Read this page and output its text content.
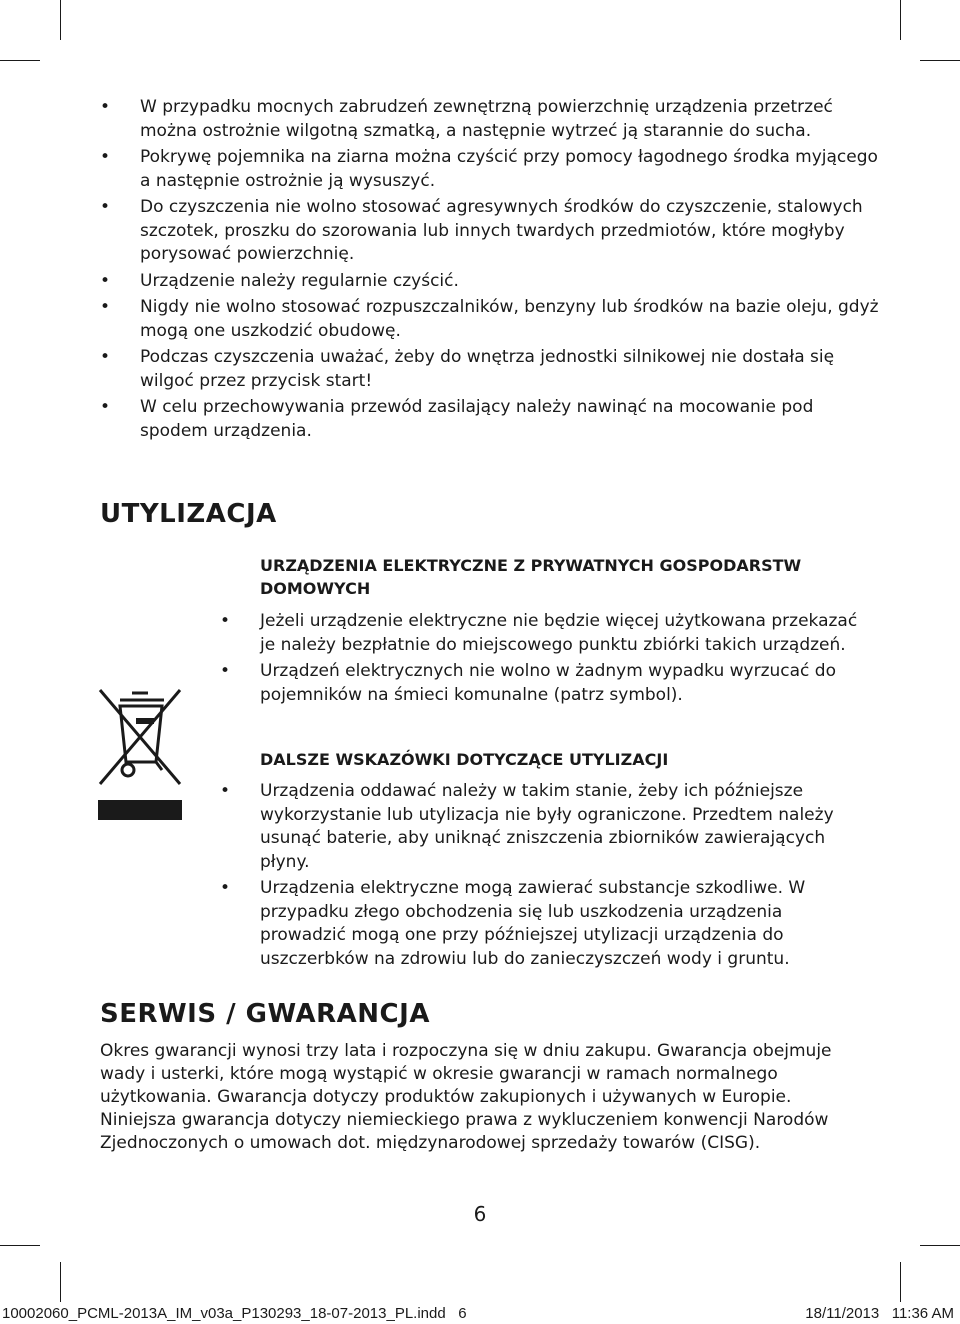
• W przypadku mocnych zabrudzeń zewnętrzną powierzchnię urządzenia przetrzeć można ostrożnie wilgotną szmatką, a następnie wytrzeć ją starannie do sucha.
• Pokrywę pojemnika na ziarna można czyścić przy pomocy łagodnego środka myjącego a następnie ostrożnie ją wysuszyć.
• Do czyszczenia nie wolno stosować agresywnych środków do czyszczenie, stalowych szczotek, proszku do szorowania lub innych twardych przedmiotów, które mogłyby porysować powierzchnię.
• Urządzenie należy regularnie czyścić.
• Nigdy nie wolno stosować rozpuszczalników, benzyny lub środków na bazie oleju, gdyż mogą one uszkodzić obudowę.
• Podczas czyszczenia uważać, żeby do wnętrza jednostki silnikowej nie dostała się wilgoć przez przycisk start!
• W celu przechowywania przewód zasilający należy nawinąć na mocowanie pod spodem urządzenia.
UTYLIZACJA
URZĄDZENIA ELEKTRYCZNE Z PRYWATNYCH GOSPODARSTW DOMOWYCH
• Jeżeli urządzenie elektryczne nie będzie więcej użytkowana przekazać je należy bezpłatnie do miejscowego punktu zbiórki takich urządzeń.
• Urządzeń elektrycznych nie wolno w żadnym wypadku wyrzucać do pojemników na śmieci komunalne (patrz symbol).
DALSZE WSKAZÓWKI DOTYCZĄCE UTYLIZACJI
• Urządzenia oddawać należy w takim stanie, żeby ich późniejsze wykorzystanie lub utylizacja nie były ograniczone. Przedtem należy usunąć baterie, aby uniknąć zniszczenia zbiorników zawierających płyny.
• Urządzenia elektryczne mogą zawierać substancje szkodliwe. W przypadku złego obchodzenia się lub uszkodzenia urządzenia prowadzić mogą one przy późniejszej utylizacji urządzenia do uszczerbków na zdrowiu lub do zanieczyszczeń wody i gruntu.
SERWIS / GWARANCJA

Okres gwarancji wynosi trzy lata i rozpoczyna się w dniu zakupu. Gwarancja obejmuje wady i usterki, które mogą wystąpić w okresie gwarancji w ramach normalnego użytkowania. Gwarancja dotyczy produktów zakupionych i używanych w Europie. Niniejsza gwarancja dotyczy niemieckiego prawa z wykluczeniem konwencji Narodów Zjednoczonych o umowach dot. międzynarodowej sprzedaży towarów (CISG).

6
10002060_PCML-2013A_IM_v03a_P130293_18-07-2013_PL.indd   6	18/11/2013   11:36 AM
